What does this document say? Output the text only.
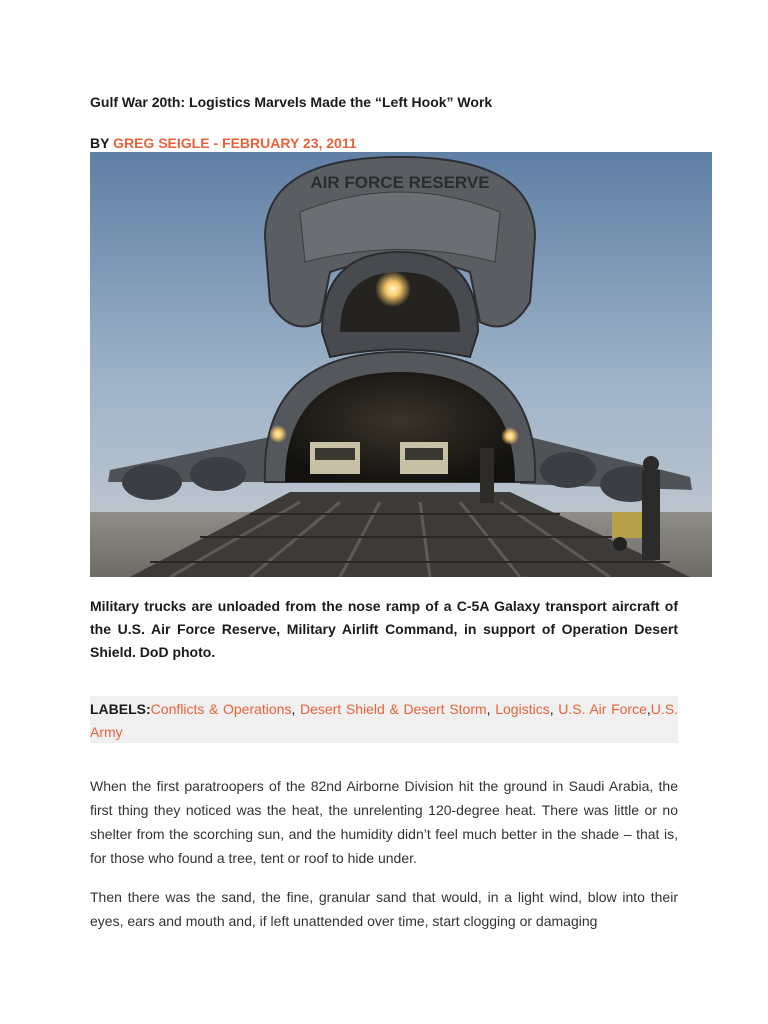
Gulf War 20th: Logistics Marvels Made the “Left Hook” Work
BY GREG SEIGLE - FEBRUARY 23, 2011
AIR FORCE RESERVE
Military trucks are unloaded from the nose ramp of a C-5A Galaxy transport aircraft of the U.S. Air Force Reserve, Military Airlift Command, in support of Operation Desert Shield. DoD photo.
LABELS:Conflicts & Operations, Desert Shield & Desert Storm, Logistics, U.S. Air Force,U.S. Army

When the first paratroopers of the 82nd Airborne Division hit the ground in Saudi Arabia, the first thing they noticed was the heat, the unrelenting 120-degree heat. There was little or no shelter from the scorching sun, and the humidity didn’t feel much better in the shade – that is, for those who found a tree, tent or roof to hide under.

Then there was the sand, the fine, granular sand that would, in a light wind, blow into their eyes, ears and mouth and, if left unattended over time, start clogging or damaging
